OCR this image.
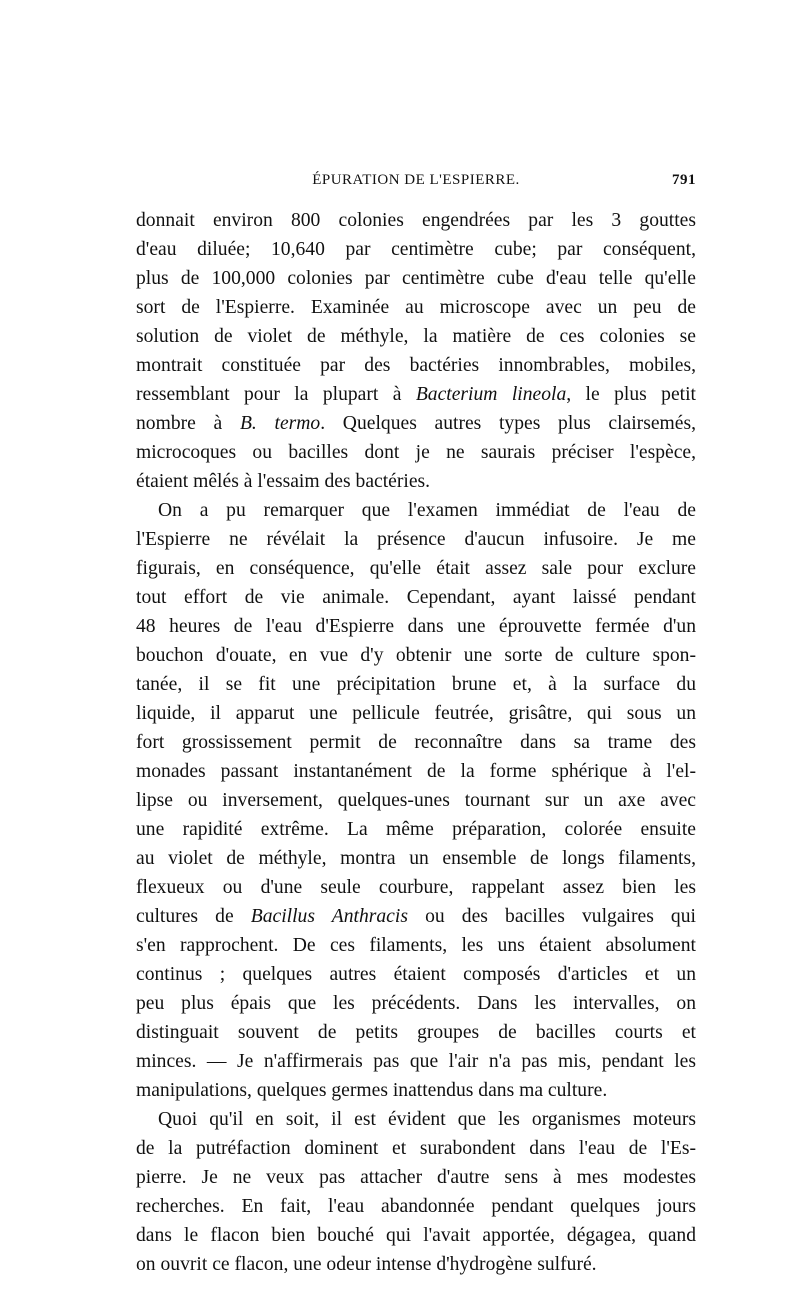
ÉPURATION DE L'ESPIERRE.	791

donnait environ 800 colonies engendrées par les 3 gouttes
d'eau diluée; 10,640 par centimètre cube; par conséquent,
plus de 100,000 colonies par centimètre cube d'eau telle qu'elle
sort de l'Espierre. Examinée au microscope avec un peu de
solution de violet de méthyle, la matière de ces colonies se
montrait constituée par des bactéries innombrables, mobiles,
ressemblant pour la plupart à Bacterium lineola, le plus petit
nombre à B. termo. Quelques autres types plus clairsemés,
microcoques ou bacilles dont je ne saurais préciser l'espèce,
étaient mêlés à l'essaim des bactéries.

On a pu remarquer que l'examen immédiat de l'eau de
l'Espierre ne révélait la présence d'aucun infusoire. Je me
figurais, en conséquence, qu'elle était assez sale pour exclure
tout effort de vie animale. Cependant, ayant laissé pendant
48 heures de l'eau d'Espierre dans une éprouvette fermée d'un
bouchon d'ouate, en vue d'y obtenir une sorte de culture spon-
tanée, il se fit une précipitation brune et, à la surface du
liquide, il apparut une pellicule feutrée, grisâtre, qui sous un
fort grossissement permit de reconnaître dans sa trame des
monades passant instantanément de la forme sphérique à l'el-
lipse ou inversement, quelques-unes tournant sur un axe avec
une rapidité extrême. La même préparation, colorée ensuite
au violet de méthyle, montra un ensemble de longs filaments,
flexueux ou d'une seule courbure, rappelant assez bien les
cultures de Bacillus Anthracis ou des bacilles vulgaires qui
s'en rapprochent. De ces filaments, les uns étaient absolument
continus ; quelques autres étaient composés d'articles et un
peu plus épais que les précédents. Dans les intervalles, on
distinguait souvent de petits groupes de bacilles courts et
minces. — Je n'affirmerais pas que l'air n'a pas mis, pendant les
manipulations, quelques germes inattendus dans ma culture.

Quoi qu'il en soit, il est évident que les organismes moteurs
de la putréfaction dominent et surabondent dans l'eau de l'Es-
pierre. Je ne veux pas attacher d'autre sens à mes modestes
recherches. En fait, l'eau abandonnée pendant quelques jours
dans le flacon bien bouché qui l'avait apportée, dégagea, quand
on ouvrit ce flacon, une odeur intense d'hydrogène sulfuré.
